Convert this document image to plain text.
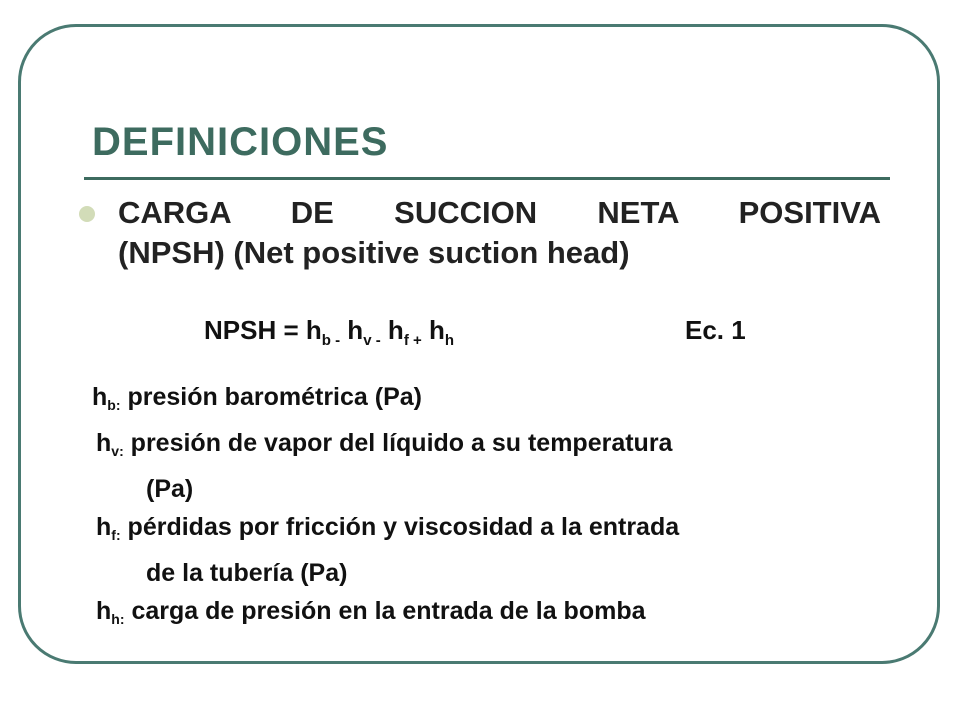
DEFINICIONES
CARGA DE SUCCION NETA POSITIVA
(NPSH) (Net positive suction head)
NPSH = $h_{b -}$ $h_{v -}$ $h_{f +}$ $h_h$	Ec. 1
$h_{b:}$ presión barométrica (Pa)
$h_{v:}$ presión de vapor del líquido a su temperatura
(Pa)
$h_{f:}$ pérdidas por fricción y viscosidad a la entrada
de la tubería (Pa)
$h_{h:}$ carga de presión en la entrada de la bomba
